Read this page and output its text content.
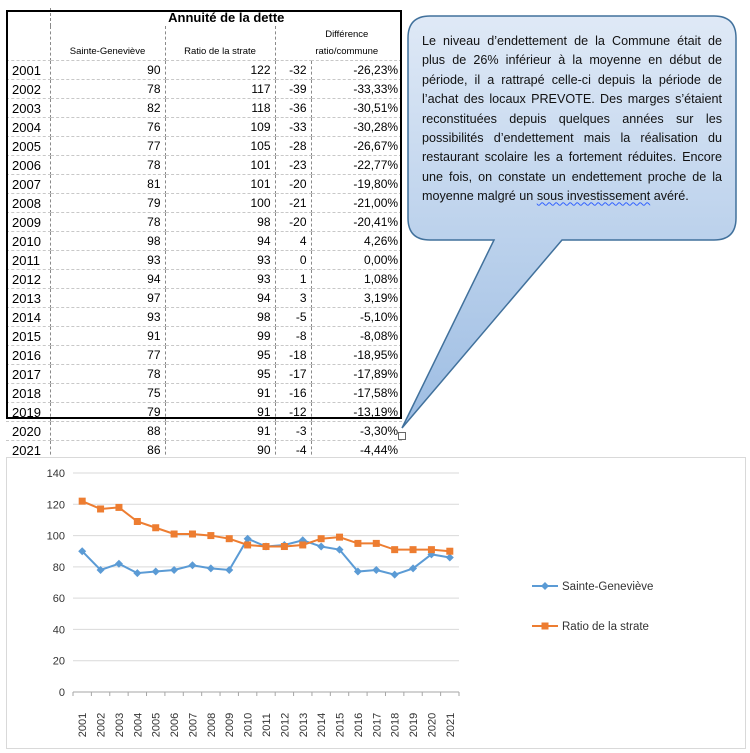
	Annuité de la dette			
	Sainte-Geneviève	Ratio de la strate	Différence ratio/commune	
2001	90	122	-32	-26,23%
2002	78	117	-39	-33,33%
2003	82	118	-36	-30,51%
2004	76	109	-33	-30,28%
2005	77	105	-28	-26,67%
2006	78	101	-23	-22,77%
2007	81	101	-20	-19,80%
2008	79	100	-21	-21,00%
2009	78	98	-20	-20,41%
2010	98	94	4	4,26%
2011	93	93	0	0,00%
2012	94	93	1	1,08%
2013	97	94	3	3,19%
2014	93	98	-5	-5,10%
2015	91	99	-8	-8,08%
2016	77	95	-18	-18,95%
2017	78	95	-17	-17,89%
2018	75	91	-16	-17,58%
2019	79	91	-12	-13,19%
2020	88	91	-3	-3,30%
2021	86	90	-4	-4,44%

Le niveau d’endettement de la Commune était de plus de 26% inférieur à la moyenne en début de période, il a rattrapé celle-ci depuis la période de l’achat des locaux PREVOTE. Des marges s’étaient reconstituées depuis quelques années sur les possibilités d’endettement mais la réalisation du restaurant scolaire les a fortement réduites. Encore une fois, on constate un endettement proche de la moyenne malgré un sous investissement avéré.
0
20
40
60
80
100
120
140
2001 2002 2003 2004 2005 2006 2007 2008 2009 2010 2011 2012 2013 2014 2015 2016 2017 2018 2019 2020 2021
Sainte-Geneviève
Ratio de la strate
